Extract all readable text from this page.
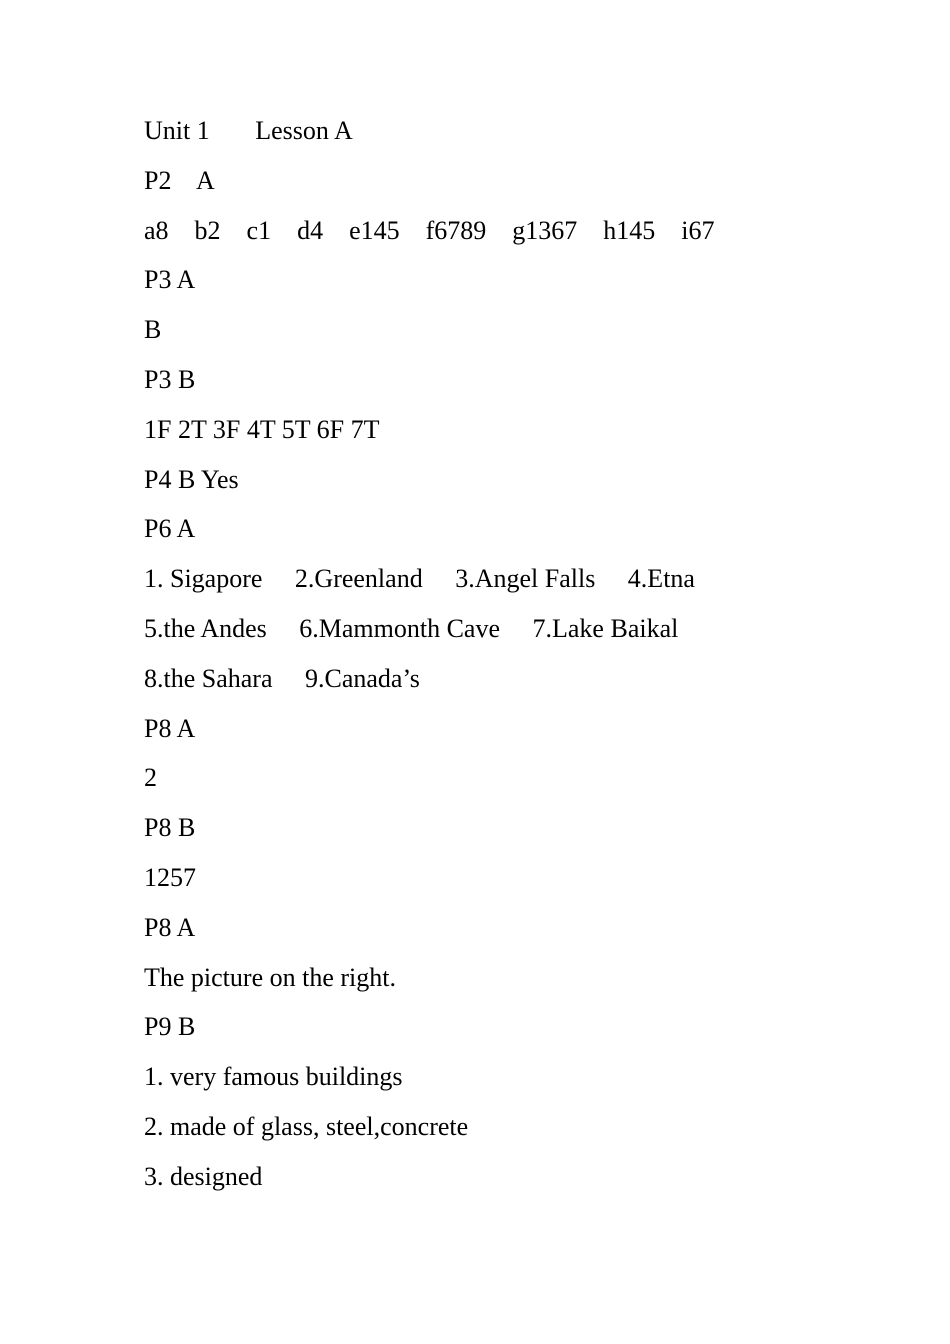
Unit 1       Lesson A
P2    A
a8    b2    c1    d4    e145    f6789    g1367    h145    i67
P3 A
B
P3 B
1F 2T 3F 4T 5T 6F 7T
P4 B Yes
P6 A
1. Sigapore     2.Greenland     3.Angel Falls     4.Etna
5.the Andes     6.Mammonth Cave     7.Lake Baikal
8.the Sahara     9.Canada’s
P8 A
2
P8 B
1257
P8 A
The picture on the right.
P9 B
1. very famous buildings
2. made of glass, steel,concrete
3. designed
